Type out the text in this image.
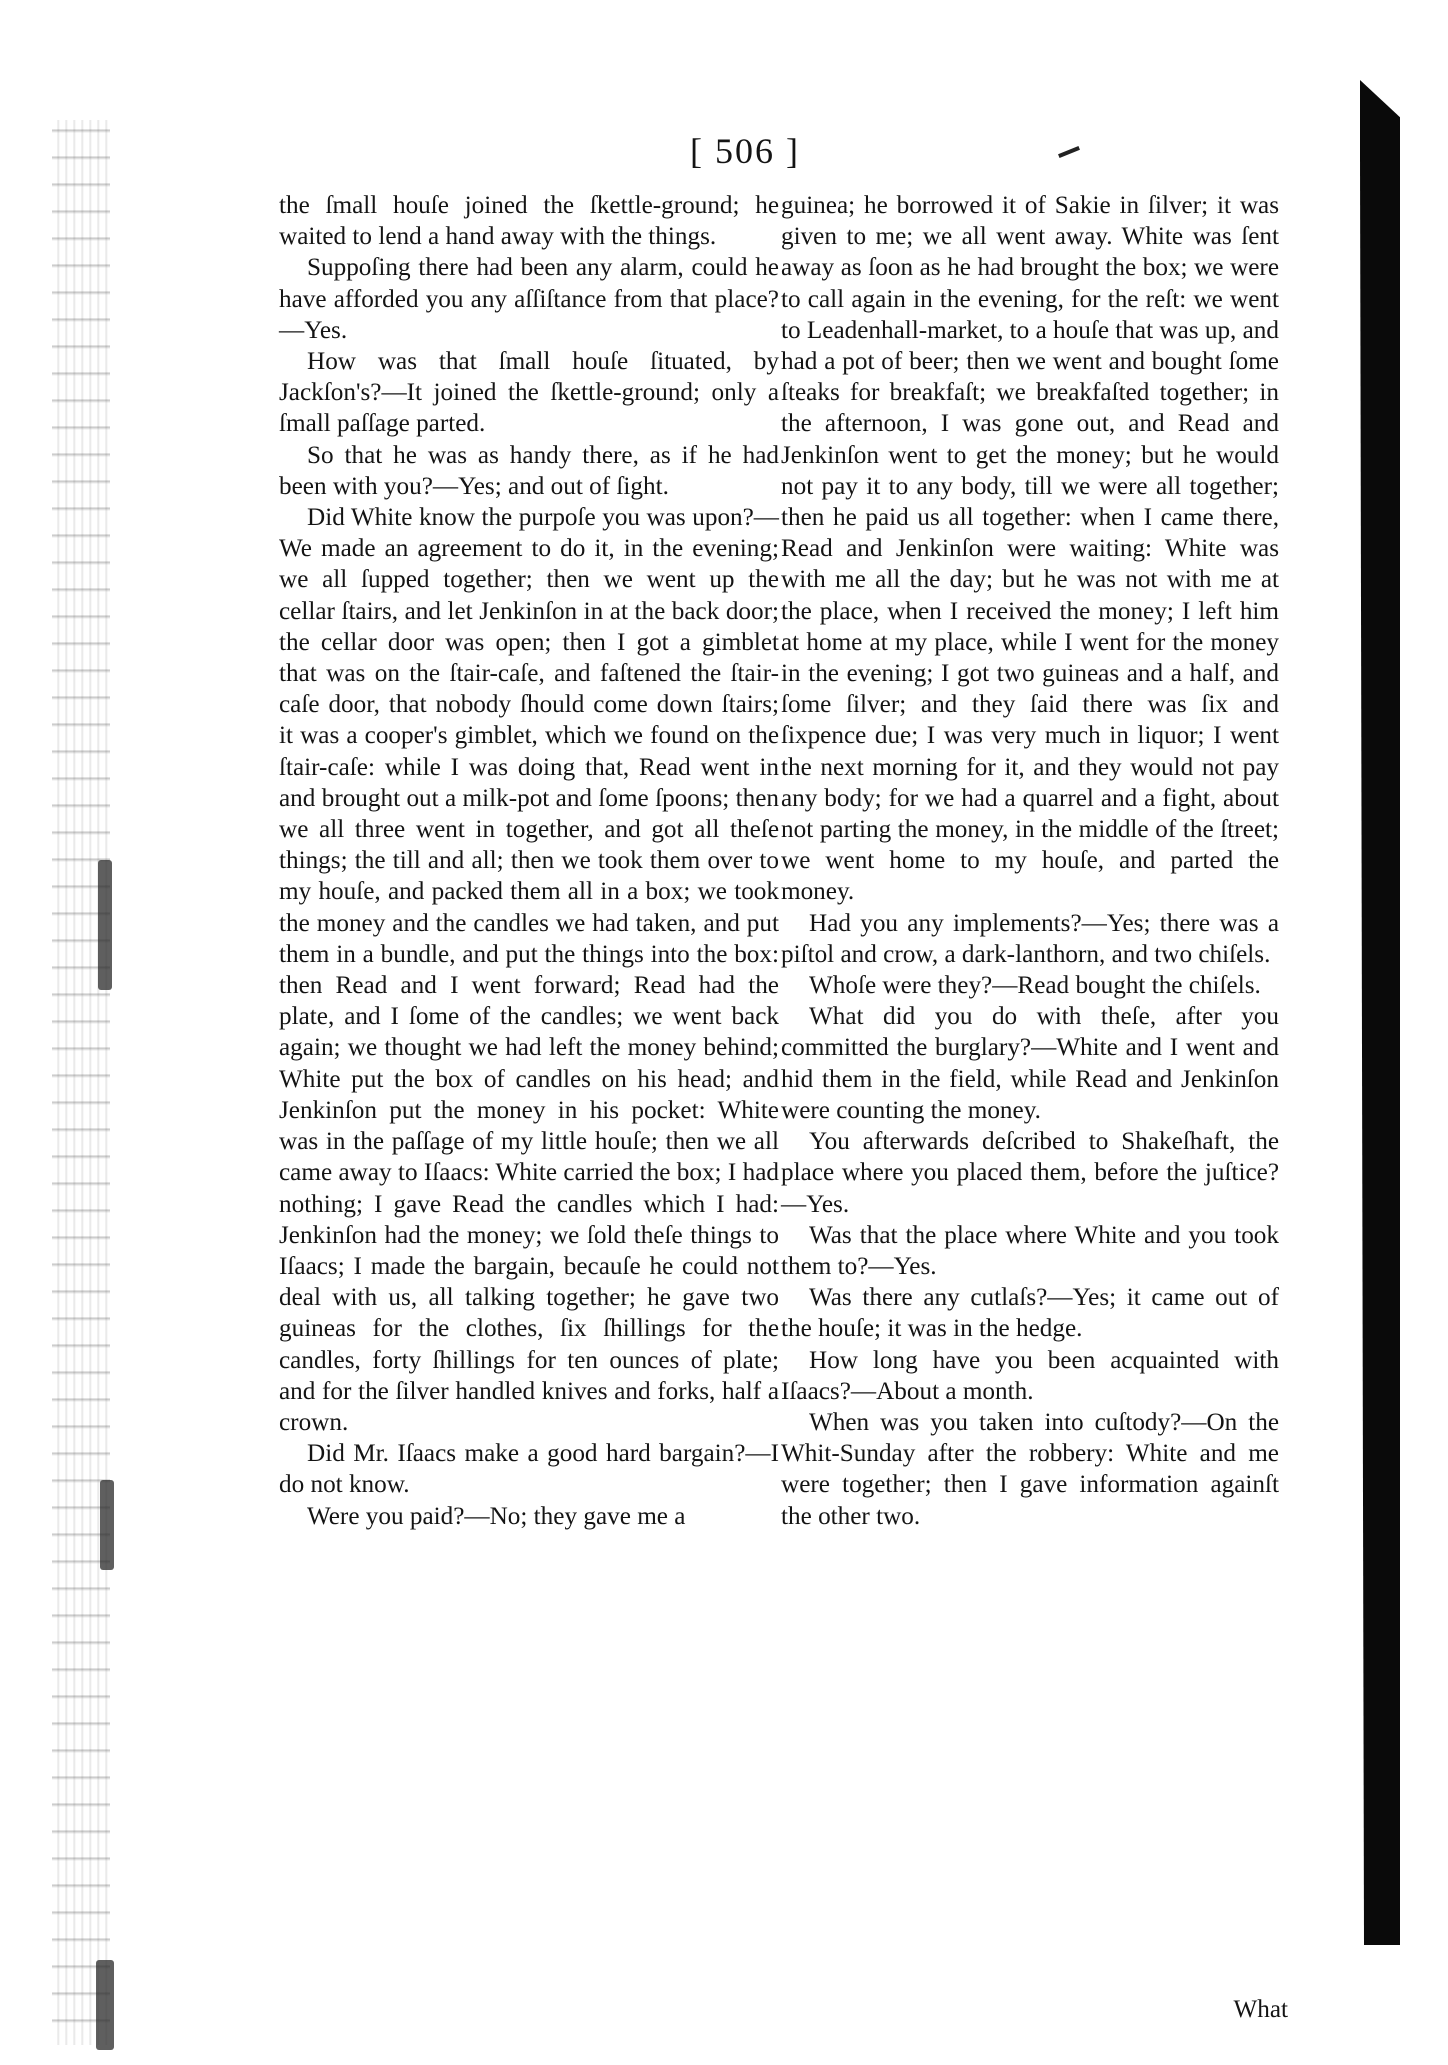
[ 506 ]

the ſmall houſe joined the ſkettle-ground; he waited to lend a hand away with the things.

Suppoſing there had been any alarm, could he have afforded you any aſſiſtance from that place?—Yes.

How was that ſmall houſe ſituated, by Jackſon's?—It joined the ſkettle-ground; only a ſmall paſſage parted.

So that he was as handy there, as if he had been with you?—Yes; and out of ſight.

Did White know the purpoſe you was upon?—We made an agreement to do it, in the evening; we all ſupped together; then we went up the cellar ſtairs, and let Jenkinſon in at the back door; the cellar door was open; then I got a gimblet that was on the ſtair-caſe, and faſtened the ſtair-caſe door, that nobody ſhould come down ſtairs; it was a cooper's gimblet, which we found on the ſtair-caſe: while I was doing that, Read went in and brought out a milk-pot and ſome ſpoons; then we all three went in together, and got all theſe things; the till and all; then we took them over to my houſe, and packed them all in a box; we took the money and the candles we had taken, and put them in a bundle, and put the things into the box: then Read and I went forward; Read had the plate, and I ſome of the candles; we went back again; we thought we had left the money behind; White put the box of candles on his head; and Jenkinſon put the money in his pocket: White was in the paſſage of my little houſe; then we all came away to Iſaacs: White carried the box; I had nothing; I gave Read the candles which I had: Jenkinſon had the money; we ſold theſe things to Iſaacs; I made the bargain, becauſe he could not deal with us, all talking together; he gave two guineas for the clothes, ſix ſhillings for the candles, forty ſhillings for ten ounces of plate; and for the ſilver handled knives and forks, half a crown.

Did Mr. Iſaacs make a good hard bargain?—I do not know.

Were you paid?—No; they gave me a

guinea; he borrowed it of Sakie in ſilver; it was given to me; we all went away. White was ſent away as ſoon as he had brought the box; we were to call again in the evening, for the reſt: we went to Leadenhall-market, to a houſe that was up, and had a pot of beer; then we went and bought ſome ſteaks for breakfaſt; we breakfaſted together; in the afternoon, I was gone out, and Read and Jenkinſon went to get the money; but he would not pay it to any body, till we were all together; then he paid us all together: when I came there, Read and Jenkinſon were waiting: White was with me all the day; but he was not with me at the place, when I received the money; I left him at home at my place, while I went for the money in the evening; I got two guineas and a half, and ſome ſilver; and they ſaid there was ſix and ſixpence due; I was very much in liquor; I went the next morning for it, and they would not pay any body; for we had a quarrel and a fight, about not parting the money, in the middle of the ſtreet; we went home to my houſe, and parted the money.

Had you any implements?—Yes; there was a piſtol and crow, a dark-lanthorn, and two chiſels.

Whoſe were they?—Read bought the chiſels.

What did you do with theſe, after you committed the burglary?—White and I went and hid them in the field, while Read and Jenkinſon were counting the money.

You afterwards deſcribed to Shakeſhaft, the place where you placed them, before the juſtice?—Yes.

Was that the place where White and you took them to?—Yes.

Was there any cutlaſs?—Yes; it came out of the houſe; it was in the hedge.

How long have you been acquainted with Iſaacs?—About a month.

When was you taken into cuſtody?—On the Whit-Sunday after the robbery: White and me were together; then I gave information againſt the other two.

What
